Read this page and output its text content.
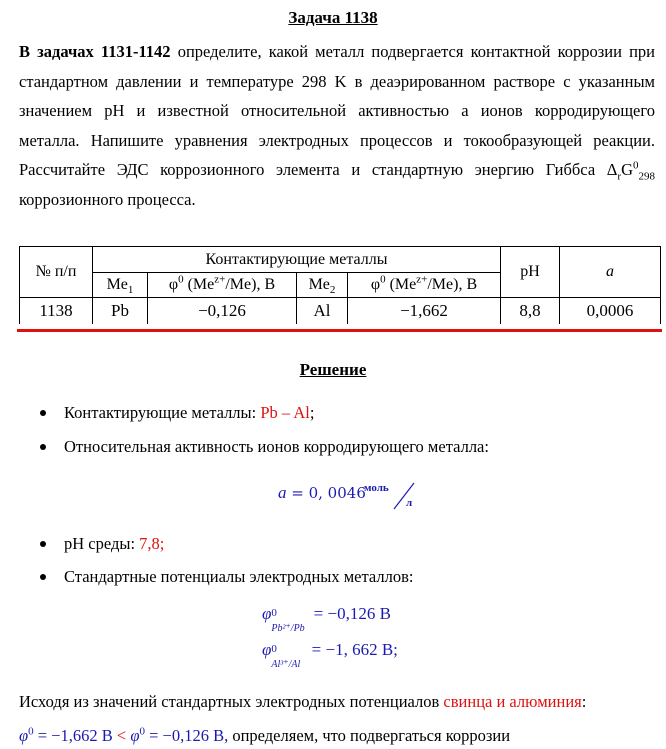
Задача 1138
В задачах 1131-1142 определите, какой металл подвергается контактной коррозии при стандартном давлении и температуре 298 K в деаэрированном растворе с указанным значением pH и известной относительной активностью а ионов корродирующего металла. Напишите уравнения электродных процессов и токообразующей реакции. Рассчитайте ЭДС коррозионного элемента и стандартную энергию Гиббса $\Delta_rG^0_{298}$ коррозионного процесса.
№ п/п	Контактирующие металлы				pH	a
	$Me_1$	$\varphi^0$ $(Me^{z+}/Me)$, B	$Me_2$	$\varphi^0$ $(Me^{z+}/Me)$, B		
1138	Pb	−0,126	Al	−1,662	8,8	0,0006
Решение
Контактирующие металлы: Pb – Al;
Относительная активность ионов корродирующего металла:
a = 0, 0046
моль
л
pH среды: 7,8;
Стандартные потенциалы электродных металлов:
φ 0
Pb²⁺/Pb
= −0,126 B
φ 0
Al³⁺/Al
= −1, 662 B;
Исходя из значений стандартных электродных потенциалов свинца и алюминия:
$\varphi^0 = -1,662$ $B < \varphi^0 = -0,126$ B, определяем, что подвергаться коррозии
